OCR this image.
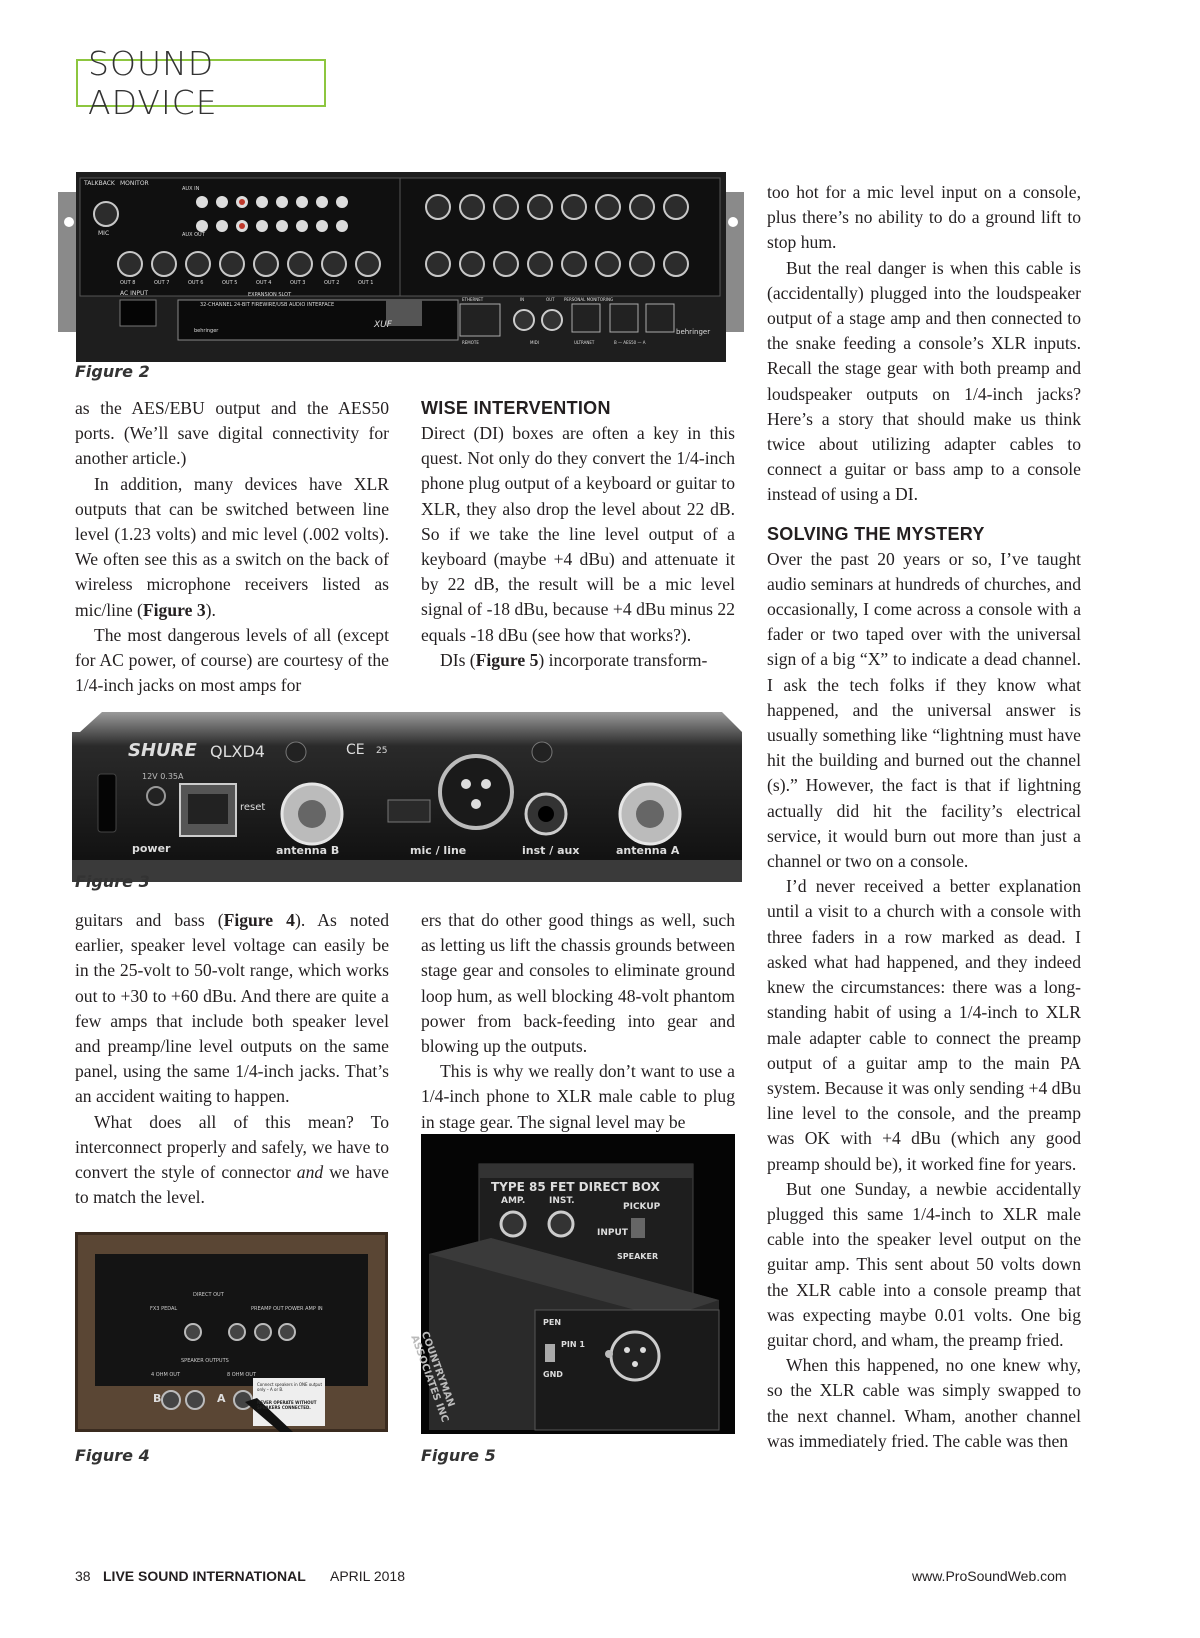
SOUND ADVICE
TALKBACK MONITOR
AUX IN
AUX OUT
MIC
OUT 8	OUT 7	OUT 6	OUT 5	OUT 4	OUT 3	OUT 2	OUT 1
AC INPUT	EXPANSION SLOT
32-CHANNEL 24-BIT FIREWIRE/USB AUDIO INTERFACE
behringer
XUF
ETHERNET	IN	OUT PERSONAL MONITORING
REMOTE	MIDI	ULTRANET	B — AES50 — A
behringer
Figure 2

as the AES/EBU output and the AES50 ports. (We’ll save digital connectivity for another article.)

In addition, many devices have XLR outputs that can be switched between line level (1.23 volts) and mic level (.002 volts). We often see this as a switch on the back of wireless microphone receivers listed as mic/line (Figure 3).

The most dangerous levels of all (except for AC power, of course) are courtesy of the 1/4-inch jacks on most amps for

WISE INTERVENTION

Direct (DI) boxes are often a key in this quest. Not only do they convert the 1/4-inch phone plug output of a keyboard or guitar to XLR, they also drop the level about 22 dB. So if we take the line level output of a keyboard (maybe +4 dBu) and attenuate it by 22 dB, the result will be a mic level signal of -18 dBu, because +4 dBu minus 22 equals -18 dBu (see how that works?).

DIs (Figure 5) incorporate transform-

SHURE QLXD4	CE 25
12V 0.35A
reset
power	antenna B	mic / line	inst / aux	antenna A
Figure 3

guitars and bass (Figure 4). As noted earlier, speaker level voltage can easily be in the 25-volt to 50-volt range, which works out to +30 to +60 dBu. And there are quite a few amps that include both speaker level and preamp/line level outputs on the same panel, using the same 1/4-inch jacks. That’s an accident waiting to happen.

What does all of this mean? To interconnect properly and safely, we have to convert the style of connector and we have to match the level.

ers that do other good things as well, such as letting us lift the chassis grounds between stage gear and consoles to eliminate ground loop hum, as well blocking 48-volt phantom power from back-feeding into gear and blowing up the outputs.

This is why we really don’t want to use a 1/4-inch phone to XLR male cable to plug in stage gear. The signal level may be

FX3 PEDAL
DIRECT OUT
PREAMP OUT POWER AMP IN
SPEAKER OUTPUTS
4 OHM OUT	8 OHM OUT
B	A
Connect speakers in ONE output only – A or B.
NEVER OPERATE WITHOUT SPEAKERS CONNECTED.
Figure 4
TYPE 85 FET DIRECT BOX
AMP.	INST.
PICKUP
INPUT
SPEAKER
COUNTRYMAN ASSOCIATES INC
PEN
PIN 1
GND
Figure 5

too hot for a mic level input on a console, plus there’s no ability to do a ground lift to stop hum.

But the real danger is when this cable is (accidentally) plugged into the loudspeaker output of a stage amp and then connected to the snake feeding a console’s XLR inputs. Recall the stage gear with both preamp and loudspeaker outputs on 1/4-inch jacks? Here’s a story that should make us think twice about utilizing adapter cables to connect a guitar or bass amp to a console instead of using a DI.

SOLVING THE MYSTERY

Over the past 20 years or so, I’ve taught audio seminars at hundreds of churches, and occasionally, I come across a console with a fader or two taped over with the universal sign of a big “X” to indicate a dead channel. I ask the tech folks if they know what happened, and the universal answer is usually something like “lightning must have hit the building and burned out the channel (s).” However, the fact is that if lightning actually did hit the facility’s electrical service, it would burn out more than just a channel or two on a console.

I’d never received a better explanation until a visit to a church with a console with three faders in a row marked as dead. I asked what had happened, and they indeed knew the circumstances: there was a long-standing habit of using a 1/4-inch to XLR male adapter cable to connect the preamp output of a guitar amp to the main PA system. Because it was only sending +4 dBu line level to the console, and the preamp was OK with +4 dBu (which any good preamp should be), it worked fine for years.

But one Sunday, a newbie accidentally plugged this same 1/4-inch to XLR male cable into the speaker level output on the guitar amp. This sent about 50 volts down the XLR cable into a console preamp that was expecting maybe 0.01 volts. One big guitar chord, and wham, the preamp fried.

When this happened, no one knew why, so the XLR cable was simply swapped to the next channel. Wham, another channel was immediately fried. The cable was then

38 LIVE SOUND INTERNATIONAL APRIL 2018	www.ProSoundWeb.com
